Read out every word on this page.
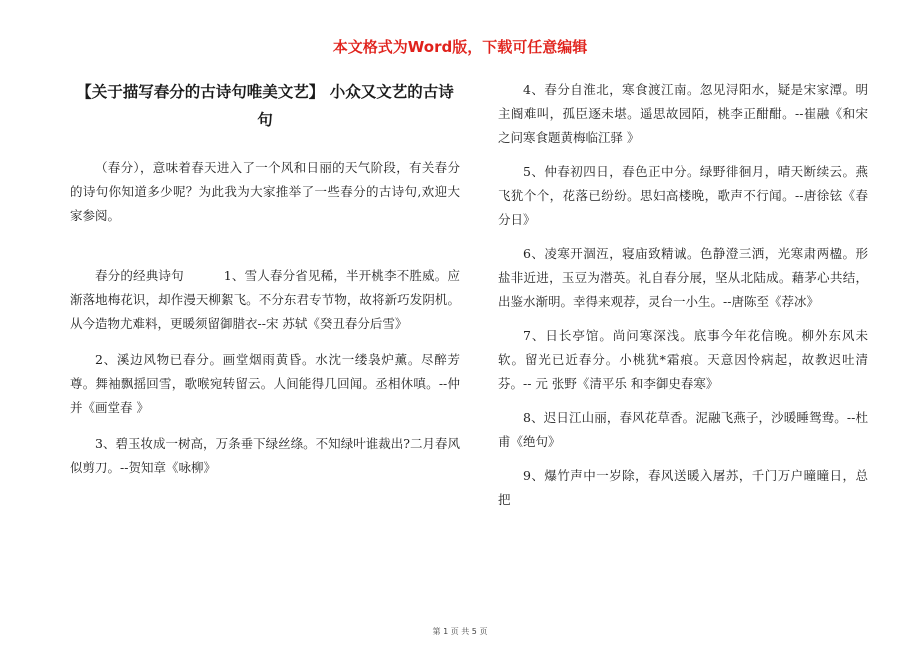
本文格式为Word版，下载可任意编辑
【关于描写春分的古诗句唯美文艺】 小众又文艺的古诗句

（春分），意味着春天进入了一个风和日丽的天气阶段，有关春分的诗句你知道多少呢？为此我为大家推举了一些春分的古诗句,欢迎大家参阅。

春分的经典诗句	1、雪人春分省见稀，半开桃李不胜威。应渐落地梅花识，却作漫天柳絮飞。不分东君专节物，故将新巧发阴机。从今造物尤难料，更暖须留御腊衣--宋 苏轼《癸丑春分后雪》

2、溪边风物已春分。画堂烟雨黄昏。水沈一缕袅炉薰。尽醉芳尊。舞袖飘摇回雪，歌喉宛转留云。人间能得几回闻。丞相休嗔。--仲并《画堂春 》

3、碧玉妆成一树高，万条垂下绿丝绦。不知绿叶谁裁出?二月春风似剪刀。--贺知章《咏柳》

4、春分自淮北，寒食渡江南。忽见浔阳水，疑是宋家潭。明主阍难叫，孤臣逐未堪。遥思故园陌，桃李正酣酣。--崔融《和宋之问寒食题黄梅临江驿 》

5、仲春初四日，春色正中分。绿野徘徊月，晴天断续云。燕飞犹个个，花落已纷纷。思妇高楼晚，歌声不行闻。--唐徐铉《春分日》

6、凌寒开涸沍，寝庙致精诚。色静澄三洒，光寒肃两楹。形盐非近进，玉豆为潜英。礼自春分展，坚从北陆成。藉茅心共结，出鉴水渐明。幸得来观荐，灵台一小生。--唐陈至《荐冰》

7、日长亭馆。尚问寒深浅。底事今年花信晚。柳外东风未软。留光已近春分。小桃犹*霜痕。天意因怜病起，故教迟吐清芬。-- 元 张野《清平乐 和李御史春寒》

8、迟日江山丽，春风花草香。泥融飞燕子，沙暖睡鸳鸯。--杜甫《绝句》

9、爆竹声中一岁除，春风送暖入屠苏，千门万户曈曈日，总把

第 1 页 共 5 页
